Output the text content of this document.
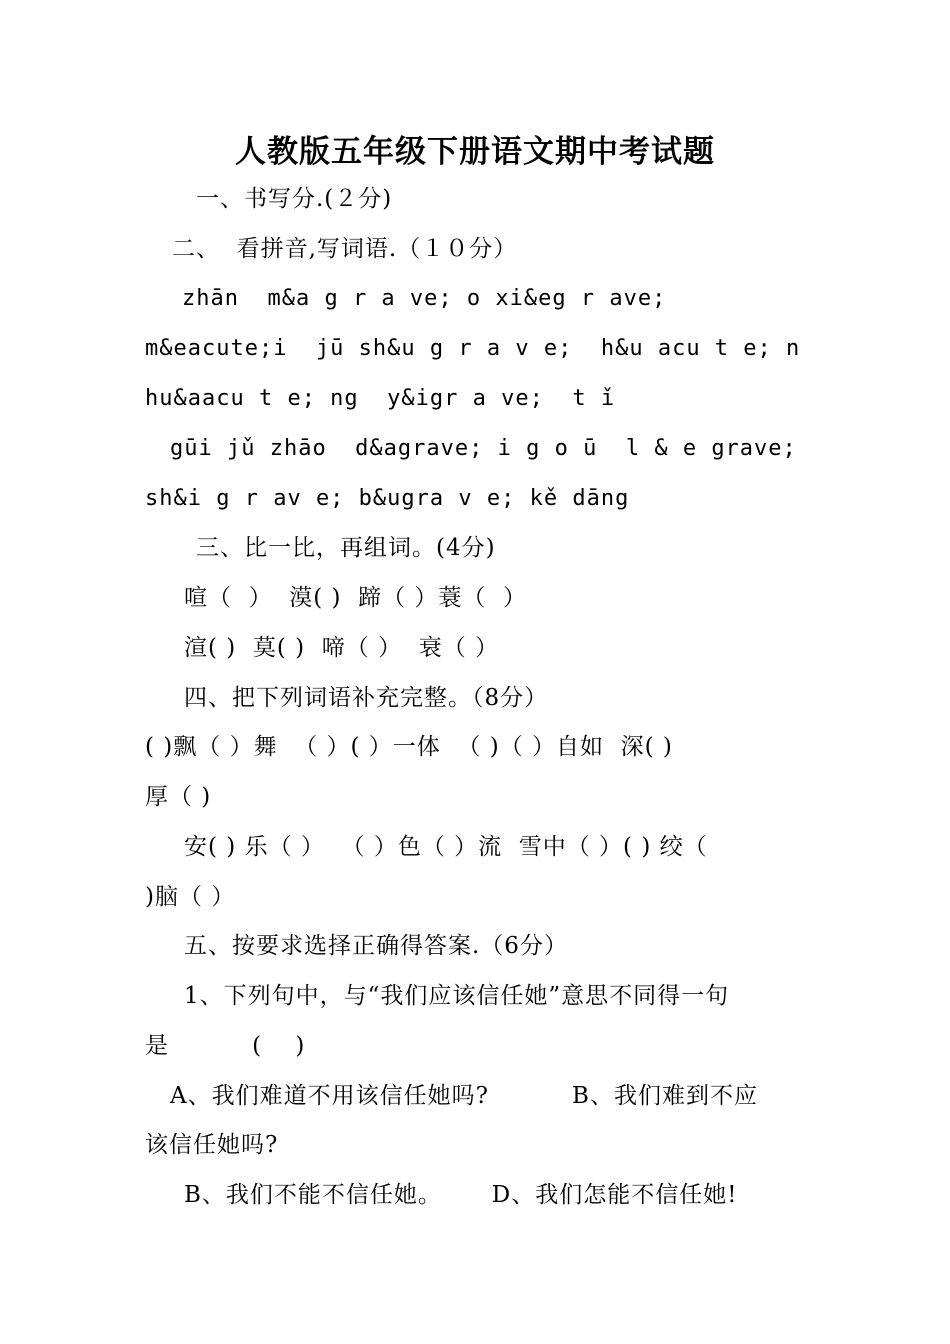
人教版五年级下册语文期中考试题
一、书写分.(２分)
二、  看拼音,写词语.（１０分）
zhān  m&a g r a ve; o xi&eg r ave;
m&eacute;i  jū sh&u g r a v e;  h&u acu t e; n
hu&aacu t e; ng  y&igr a ve;  t ǐ
gūi jǔ zhāo  d&agrave; i g o ū  l & e grave;
sh&i g r av e; b&ugra v e; kě dāng
三、比一比，再组词。(4分)
喧（  ）  漠( )  蹄（ ）蓑（  ）
渲( )  莫( )  啼（ ）  衰（ ）
四、把下列词语补充完整。（8分）
( )飘（ ）舞  （ ）( ）一体  （ )（ ）自如  深( )
厚（ )
安( ) 乐（ ）  （ ）色（ ）流  雪中（ ）( ) 绞（
)脑（ ）
五、按要求选择正确得答案.（6分）
1、下列句中，与“我们应该信任她”意思不同得一句
是          (    )
A、我们难道不用该信任她吗?          B、我们难到不应
该信任她吗?
B、我们不能不信任她。      D、我们怎能不信任她!
